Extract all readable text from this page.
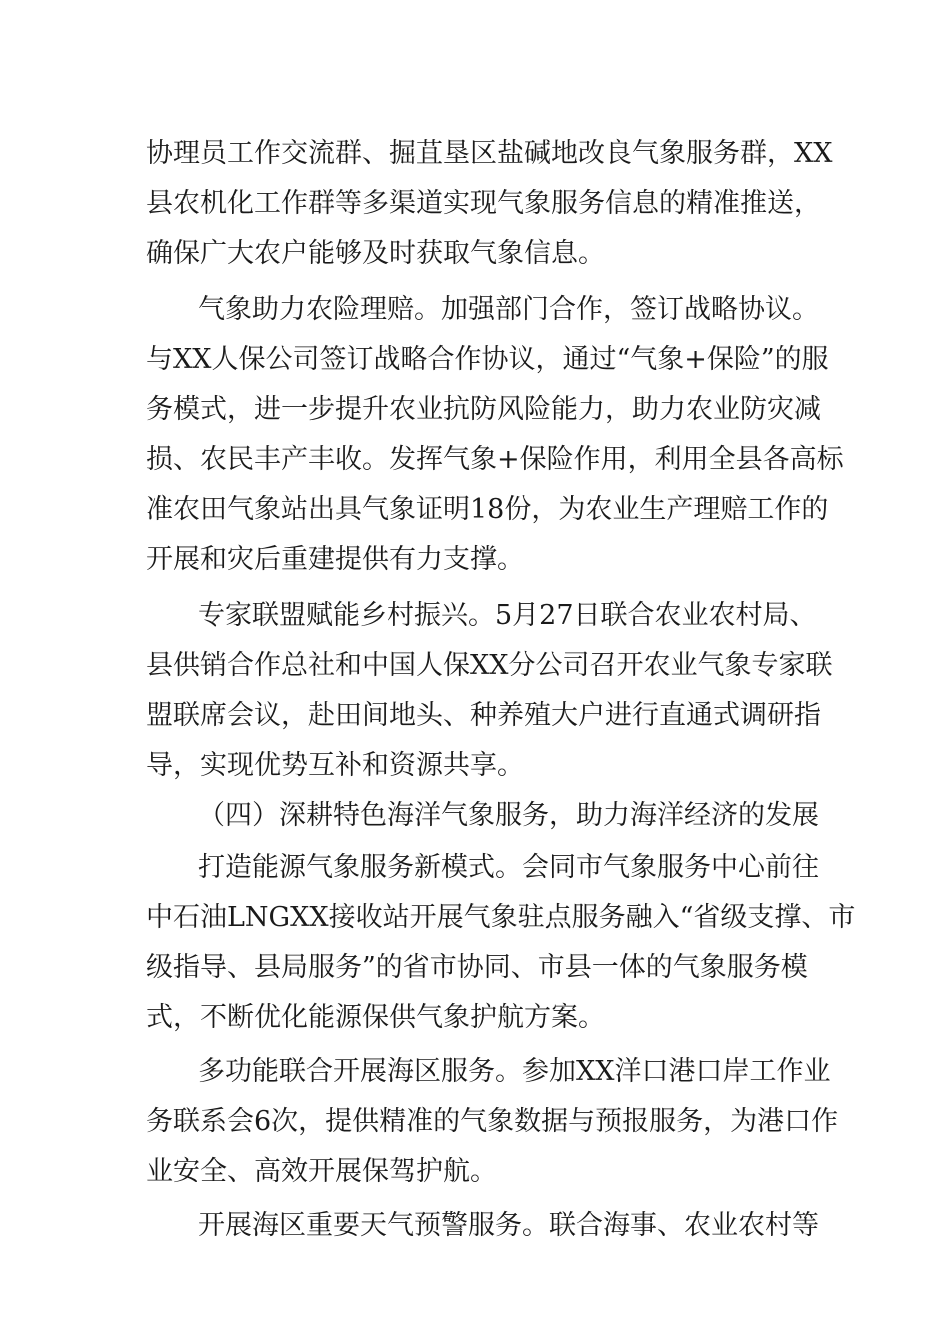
协理员工作交流群、掘苴垦区盐碱地改良气象服务群，XX
县农机化工作群等多渠道实现气象服务信息的精准推送，
确保广大农户能够及时获取气象信息。
气象助力农险理赔。加强部门合作，签订战略协议。
与XX人保公司签订战略合作协议，通过“气象+保险”的服
务模式，进一步提升农业抗防风险能力，助力农业防灾减
损、农民丰产丰收。发挥气象+保险作用，利用全县各高标
准农田气象站出具气象证明18份，为农业生产理赔工作的
开展和灾后重建提供有力支撑。
专家联盟赋能乡村振兴。5月27日联合农业农村局、
县供销合作总社和中国人保XX分公司召开农业气象专家联
盟联席会议，赴田间地头、种养殖大户进行直通式调研指
导，实现优势互补和资源共享。
（四）深耕特色海洋气象服务，助力海洋经济的发展
打造能源气象服务新模式。会同市气象服务中心前往
中石油LNGXX接收站开展气象驻点服务融入“省级支撑、市
级指导、县局服务”的省市协同、市县一体的气象服务模
式，不断优化能源保供气象护航方案。
多功能联合开展海区服务。参加XX洋口港口岸工作业
务联系会6次，提供精准的气象数据与预报服务，为港口作
业安全、高效开展保驾护航。
开展海区重要天气预警服务。联合海事、农业农村等
